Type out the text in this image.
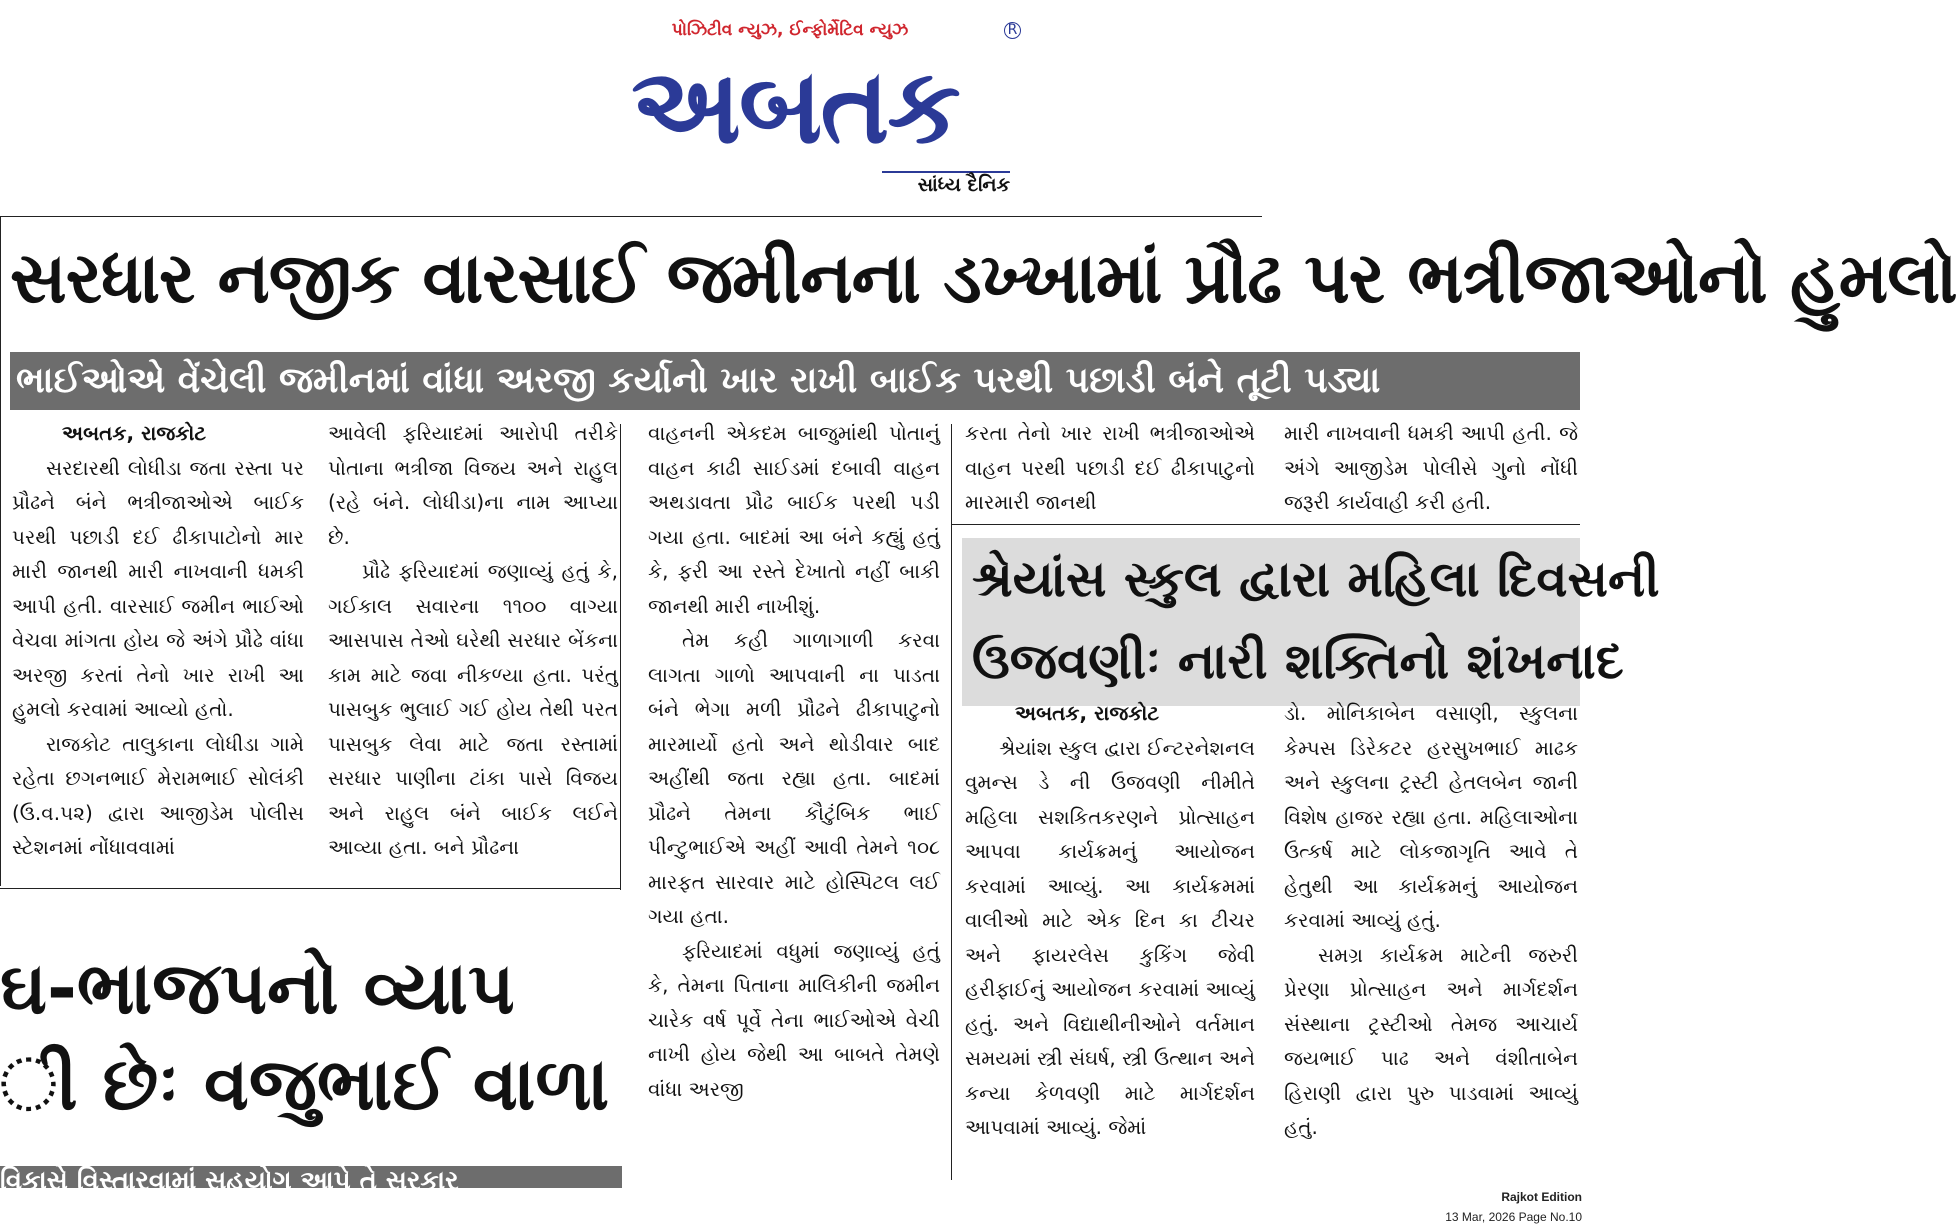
પોઝિટીવ ન્યુઝ, ઈન્ફોર્મેટિવ ન્યુઝ
અબતક
R
સાંધ્ય દૈનિક
સરધાર નજીક વારસાઈ જમીનના ડખ્ખામાં પ્રૌઢ પર ભત્રીજાઓનો હુમલો
ભાઈઓએ વેંચેલી જમીનમાં વાંધા અરજી કર્યાનો ખાર રાખી બાઈક પરથી પછાડી બંને તૂટી પડ્યા

અબતક, રાજકોટ

સરદારથી લોધીડા જતા રસ્તા પર પ્રૌઢને બંને ભત્રીજાઓએ બાઈક પરથી પછાડી દઈ ઢીકાપાટોનો માર મારી જાનથી મારી નાખવાની ધમકી આપી હતી. વારસાઈ જમીન ભાઈઓ વેચવા માંગતા હોય જે અંગે પ્રૌઢે વાંધા અરજી કરતાં તેનો ખાર રાખી આ હુમલો કરવામાં આવ્યો હતો.

રાજકોટ તાલુકાના લોધીડા ગામે રહેતા છગનભાઈ મેરામભાઈ સોલંકી (ઉ.વ.૫૨) દ્વારા આજીડેમ પોલીસ સ્ટેશનમાં નોંધાવવામાં

આવેલી ફરિયાદમાં આરોપી તરીકે પોતાના ભત્રીજા વિજય અને રાહુલ (રહે બંને. લોધીડા)ના નામ આપ્યા છે.

પ્રૌઢે ફરિયાદમાં જણાવ્યું હતું કે, ગઈકાલ સવારના ૧૧૦૦ વાગ્યા આસપાસ તેઓ ઘરેથી સરધાર બેંકના કામ માટે જવા નીકળ્યા હતા. પરંતુ પાસબુક ભુલાઈ ગઈ હોય તેથી પરત પાસબુક લેવા માટે જતા રસ્તામાં સરધાર પાણીના ટાંકા પાસે વિજય અને રાહુલ બંને બાઈક લઈને આવ્યા હતા. બને પ્રૌઢના

વાહનની એકદમ બાજુમાંથી પોતાનું વાહન કાઢી સાઈડમાં દબાવી વાહન અથડાવતા પ્રૌઢ બાઈક પરથી પડી ગયા હતા. બાદમાં આ બંને કહ્યું હતું કે, ફરી આ રસ્તે દેખાતો નહીં બાકી જાનથી મારી નાખીશું.

તેમ કહી ગાળાગાળી કરવા લાગતા ગાળો આપવાની ના પાડતા બંને ભેગા મળી પ્રૌઢને ઢીકાપાટુનો મારમાર્યો હતો અને થોડીવાર બાદ અહીંથી જતા રહ્યા હતા. બાદમાં પ્રૌઢને તેમના કૌટુંબિક ભાઈ પીન્ટુભાઈએ અહીં આવી તેમને ૧૦૮ મારફત સારવાર માટે હોસ્પિટલ લઈ ગયા હતા.

ફરિયાદમાં વધુમાં જણાવ્યું હતું કે, તેમના પિતાના માલિકીની જમીન ચારેક વર્ષ પૂર્વે તેના ભાઈઓએ વેચી નાખી હોય જેથી આ બાબતે તેમણે વાંધા અરજી

કરતા તેનો ખાર રાખી ભત્રીજાઓએ વાહન પરથી પછાડી દઈ ઢીકાપાટુનો મારમારી જાનથી

મારી નાખવાની ધમકી આપી હતી. જે અંગે આજીડેમ પોલીસે ગુનો નોંધી જરૂરી કાર્યવાહી કરી હતી.

શ્રેયાંસ સ્કુલ દ્વારા મહિલા દિવસની
ઉજવણીઃ નારી શક્તિનો શંખનાદ

અબતક, રાજકોટ

શ્રેયાંશ સ્કુલ દ્વારા ઈન્ટરનેશનલ વુમન્સ ડે ની ઉજવણી નીમીતે મહિલા સશકિતકરણને પ્રોત્સાહન આપવા કાર્યક્રમનું આયોજન કરવામાં આવ્યું. આ કાર્યક્રમમાં વાલીઓ માટે એક દિન કા ટીચર અને ફાયરલેસ કુકિંગ જેવી હરીફાઈનું આયોજન કરવામાં આવ્યું હતું. અને વિદ્યાથીનીઓને વર્તમાન સમયમાં સ્ત્રી સંઘર્ષ, સ્ત્રી ઉત્થાન અને કન્યા કેળવણી માટે માર્ગદર્શન આપવામાં આવ્યું. જેમાં

ડો. મોનિકાબેન વસાણી, સ્કુલના કેમ્પસ ડિરેકટર હરસુખભાઈ માઢક અને સ્કુલના ટ્રસ્ટી હેતલબેન જાની વિશેષ હાજર રહ્યા હતા. મહિલાઓના ઉત્કર્ષ માટે લોકજાગૃતિ આવે તે હેતુથી આ કાર્યક્રમનું આયોજન કરવામાં આવ્યું હતું.

સમગ્ર કાર્યક્રમ માટેની જરુરી પ્રેરણા પ્રોત્સાહન અને માર્ગદર્શન સંસ્થાના ટ્રસ્ટીઓ તેમજ આચાર્ય જયભાઈ પાઢ અને વંશીતાબેન હિરાણી દ્વારા પુરુ પાડવામાં આવ્યું હતું.

ઘ-ભાજપનો વ્યાપ
ી છેઃ વજુભાઈ વાળા
વિકાસે વિસ્તારવામાં સહયોગ આપે તે સરકાર
Rajkot Edition
13 Mar, 2026 Page No.10
